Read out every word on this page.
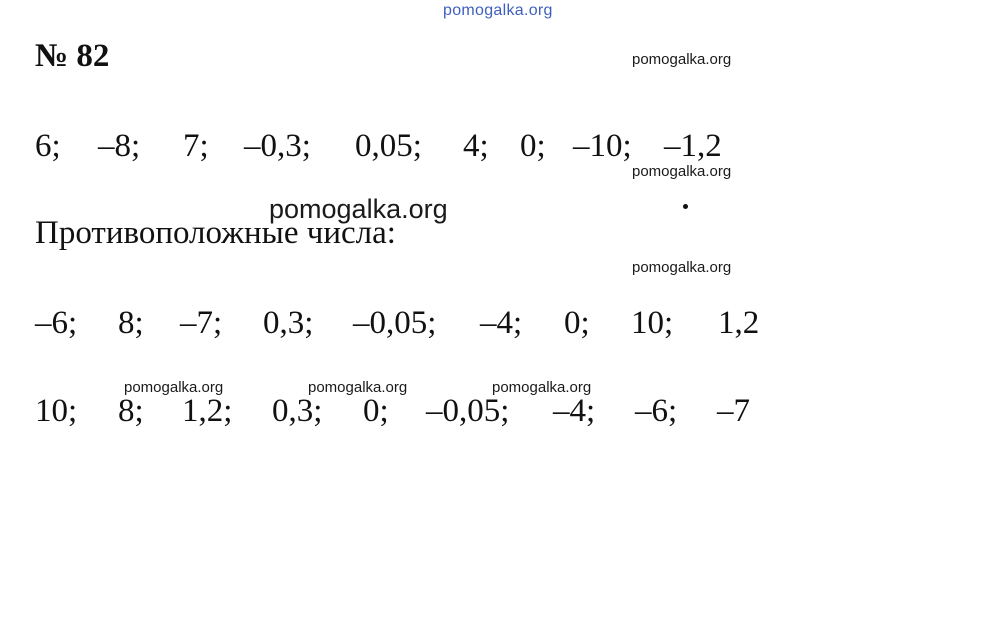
pomogalka.org
№ 82
6; –8; 7; –0,3; 0,05; 4; 0; –10; –1,2
Противоположные числа:
–6; 8; –7; 0,3; –0,05; –4; 0; 10; 1,2
10; 8; 1,2; 0,3; 0; –0,05; –4; –6; –7
pomogalka.org
pomogalka.org
pomogalka.org
pomogalka.org
pomogalka.org	pomogalka.org	pomogalka.org
